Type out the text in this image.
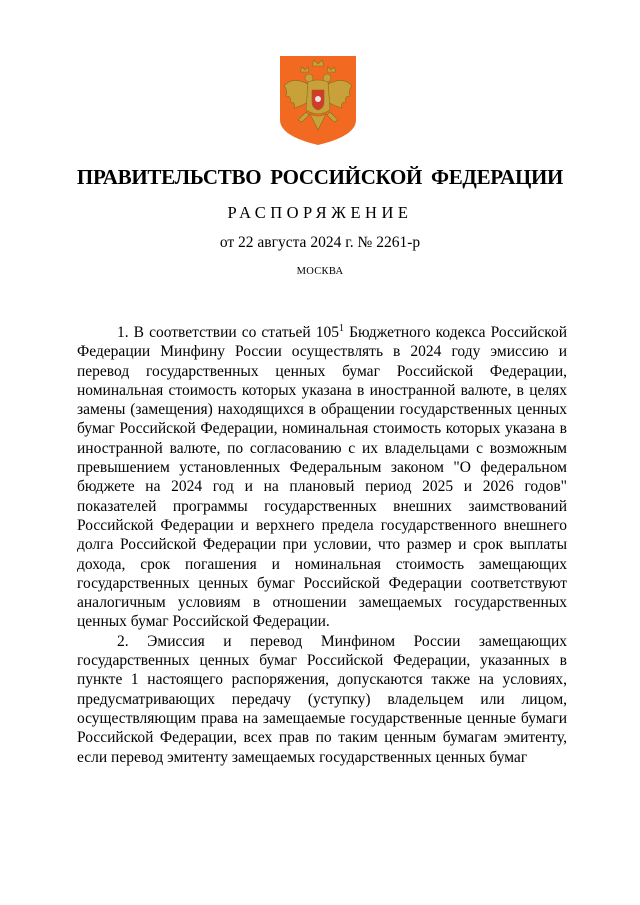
ПРАВИТЕЛЬСТВО РОССИЙСКОЙ ФЕДЕРАЦИИ
РАСПОРЯЖЕНИЕ
от 22 августа 2024 г. № 2261-р
МОСКВА

1. В соответствии со статьей $105^1$ Бюджетного кодекса Российской Федерации Минфину России осуществлять в 2024 году эмиссию и перевод государственных ценных бумаг Российской Федерации, номинальная стоимость которых указана в иностранной валюте, в целях замены (замещения) находящихся в обращении государственных ценных бумаг Российской Федерации, номинальная стоимость которых указана в иностранной валюте, по согласованию с их владельцами с возможным превышением установленных Федеральным законом "О федеральном бюджете на 2024 год и на плановый период 2025 и 2026 годов" показателей программы государственных внешних заимствований Российской Федерации и верхнего предела государственного внешнего долга Российской Федерации при условии, что размер и срок выплаты дохода, срок погашения и номинальная стоимость замещающих государственных ценных бумаг Российской Федерации соответствуют аналогичным условиям в отношении замещаемых государственных ценных бумаг Российской Федерации.

2. Эмиссия и перевод Минфином России замещающих государственных ценных бумаг Российской Федерации, указанных в пункте 1 настоящего распоряжения, допускаются также на условиях, предусматривающих передачу (уступку) владельцем или лицом, осуществляющим права на замещаемые государственные ценные бумаги Российской Федерации, всех прав по таким ценным бумагам эмитенту, если перевод эмитенту замещаемых государственных ценных бумаг
